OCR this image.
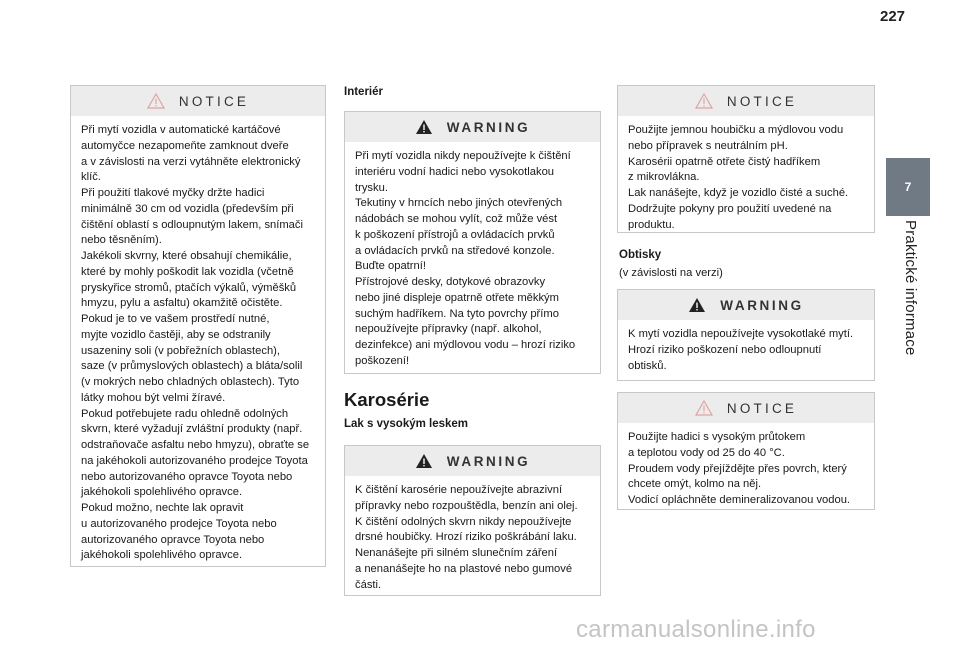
227
7
Praktické informace
NOTICE
Při mytí vozidla v automatické kartáčové
automyčce nezapomeňte zamknout dveře
a v závislosti na verzi vytáhněte elektronický
klíč.
Při použití tlakové myčky držte hadici
minimálně 30 cm od vozidla (především při
čištění oblastí s odloupnutým lakem, snímači
nebo těsněním).
Jakékoli skvrny, které obsahují chemikálie,
které by mohly poškodit lak vozidla (včetně
pryskyřice stromů, ptačích výkalů, výměšků
hmyzu, pylu a asfaltu) okamžitě očistěte.
Pokud je to ve vašem prostředí nutné,
myjte vozidlo častěji, aby se odstranily
usazeniny soli (v pobřežních oblastech),
saze (v průmyslových oblastech) a bláta/solil
(v mokrých nebo chladných oblastech). Tyto
látky mohou být velmi žíravé.
Pokud potřebujete radu ohledně odolných
skvrn, které vyžadují zvláštní produkty (např.
odstraňovače asfaltu nebo hmyzu), obraťte se
na jakéhokoli autorizovaného prodejce Toyota
nebo autorizovaného opravce Toyota nebo
jakéhokoli spolehlivého opravce.
Pokud možno, nechte lak opravit
u autorizovaného prodejce Toyota nebo
autorizovaného opravce Toyota nebo
jakéhokoli spolehlivého opravce.
Interiér
WARNING
Při mytí vozidla nikdy nepoužívejte k čištění
interiéru vodní hadici nebo vysokotlakou
trysku.
Tekutiny v hrncích nebo jiných otevřených
nádobách se mohou vylít, což může vést
k poškození přístrojů a ovládacích prvků
a ovládacích prvků na středové konzole.
Buďte opatrní!
Přístrojové desky, dotykové obrazovky
nebo jiné displeje opatrně otřete měkkým
suchým hadříkem. Na tyto povrchy přímo
nepoužívejte přípravky (např. alkohol,
dezinfekce) ani mýdlovou vodu – hrozí riziko
poškození!
Karosérie
Lak s vysokým leskem
WARNING
K čištění karosérie nepoužívejte abrazivní
přípravky nebo rozpouštědla, benzín ani olej.
K čištění odolných skvrn nikdy nepoužívejte
drsné houbičky. Hrozí riziko poškrábání laku.
Nenanášejte při silném slunečním záření
a nenanášejte ho na plastové nebo gumové
části.
NOTICE
Použijte jemnou houbičku a mýdlovou vodu
nebo přípravek s neutrálním pH.
Karosérii opatrně otřete čistý hadříkem
z mikrovlákna.
Lak nanášejte, když je vozidlo čisté a suché.
Dodržujte pokyny pro použití uvedené na
produktu.
Obtisky
(v závislosti na verzi)
WARNING
K mytí vozidla nepoužívejte vysokotlaké mytí.
Hrozí riziko poškození nebo odloupnutí
obtisků.
NOTICE
Použijte hadici s vysokým průtokem
a teplotou vody od 25 do 40 °C.
Proudem vody přejíždějte přes povrch, který
chcete omýt, kolmo na něj.
Vodicí opláchněte demineralizovanou vodou.
carmanualsonline.info
